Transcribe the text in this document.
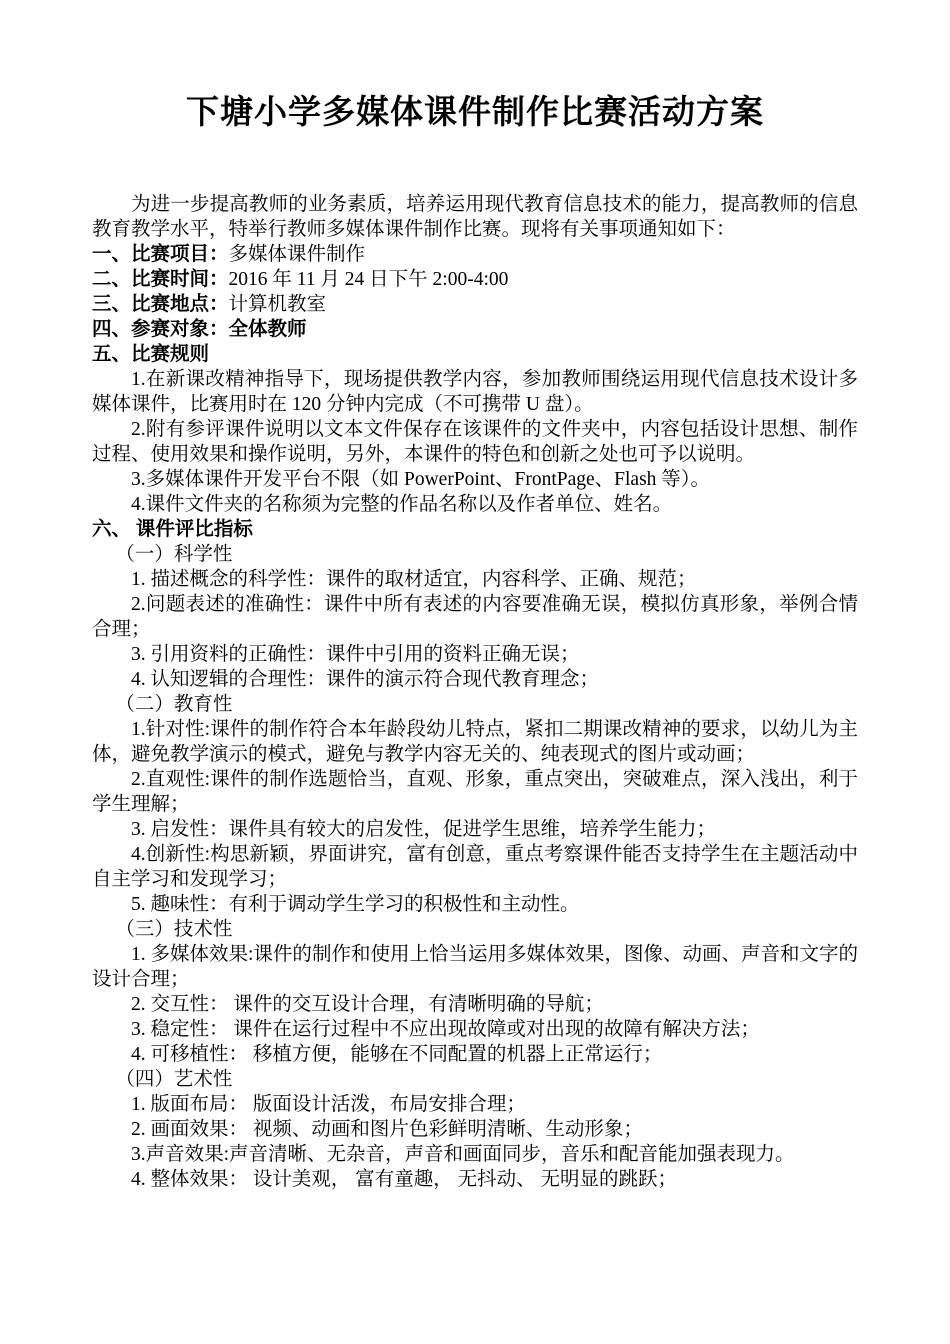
下塘小学多媒体课件制作比赛活动方案

为进一步提高教师的业务素质，培养运用现代教育信息技术的能力，提高教师的信息教育教学水平，特举行教师多媒体课件制作比赛。现将有关事项通知如下：

一、比赛项目：多媒体课件制作

二、比赛时间：2016 年 11 月 24 日下午 2:00-4:00

三、比赛地点：计算机教室

四、参赛对象：全体教师

五、比赛规则

1.在新课改精神指导下，现场提供教学内容，参加教师围绕运用现代信息技术设计多媒体课件，比赛用时在 120 分钟内完成（不可携带 U 盘）。

2.附有参评课件说明以文本文件保存在该课件的文件夹中，内容包括设计思想、制作过程、使用效果和操作说明，另外，本课件的特色和创新之处也可予以说明。

3.多媒体课件开发平台不限（如 PowerPoint、FrontPage、Flash 等）。

4.课件文件夹的名称须为完整的作品名称以及作者单位、姓名。

六、 课件评比指标

（一）科学性

1. 描述概念的科学性：课件的取材适宜，内容科学、正确、规范；

2.问题表述的准确性：课件中所有表述的内容要准确无误，模拟仿真形象，举例合情合理；

3. 引用资料的正确性：课件中引用的资料正确无误；

4. 认知逻辑的合理性：课件的演示符合现代教育理念；

（二）教育性

1.针对性:课件的制作符合本年龄段幼儿特点，紧扣二期课改精神的要求，以幼儿为主体，避免教学演示的模式，避免与教学内容无关的、纯表现式的图片或动画；

2.直观性:课件的制作选题恰当，直观、形象，重点突出，突破难点，深入浅出，利于学生理解；

3. 启发性：课件具有较大的启发性，促进学生思维，培养学生能力；

4.创新性:构思新颖，界面讲究，富有创意，重点考察课件能否支持学生在主题活动中自主学习和发现学习；

5. 趣味性：有利于调动学生学习的积极性和主动性。

（三）技术性

1. 多媒体效果:课件的制作和使用上恰当运用多媒体效果，图像、动画、声音和文字的设计合理；

2. 交互性： 课件的交互设计合理，有清晰明确的导航；

3. 稳定性： 课件在运行过程中不应出现故障或对出现的故障有解决方法；

4. 可移植性： 移植方便，能够在不同配置的机器上正常运行；

（四）艺术性

1. 版面布局： 版面设计活泼，布局安排合理；

2. 画面效果： 视频、动画和图片色彩鲜明清晰、生动形象；

3.声音效果:声音清晰、无杂音，声音和画面同步，音乐和配音能加强表现力。

4. 整体效果： 设计美观， 富有童趣， 无抖动、 无明显的跳跃；
